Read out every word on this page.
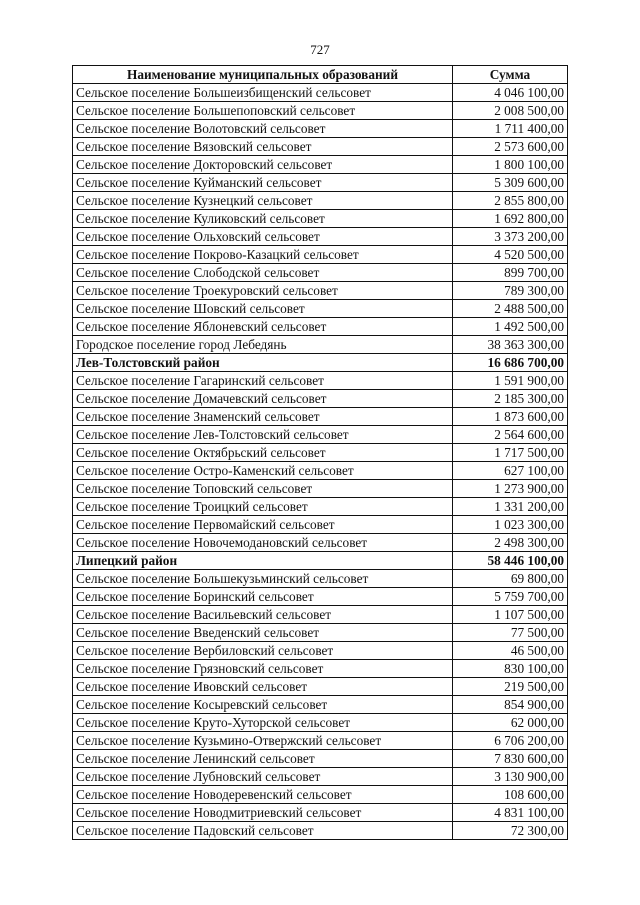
727
Наименование муниципальных образований	Сумма
Сельское поселение Большеизбищенский сельсовет	4 046 100,00
Сельское поселение Большепоповский сельсовет	2 008 500,00
Сельское поселение Волотовский сельсовет	1 711 400,00
Сельское поселение Вязовский сельсовет	2 573 600,00
Сельское поселение Докторовский сельсовет	1 800 100,00
Сельское поселение Куйманский сельсовет	5 309 600,00
Сельское поселение Кузнецкий сельсовет	2 855 800,00
Сельское поселение Куликовский сельсовет	1 692 800,00
Сельское поселение Ольховский сельсовет	3 373 200,00
Сельское поселение Покрово-Казацкий сельсовет	4 520 500,00
Сельское поселение Слободской сельсовет	899 700,00
Сельское поселение Троекуровский сельсовет	789 300,00
Сельское поселение Шовский сельсовет	2 488 500,00
Сельское поселение Яблоневский сельсовет	1 492 500,00
Городское поселение город Лебедянь	38 363 300,00
Лев-Толстовский район	16 686 700,00
Сельское поселение Гагаринский сельсовет	1 591 900,00
Сельское поселение Домачевский сельсовет	2 185 300,00
Сельское поселение Знаменский сельсовет	1 873 600,00
Сельское поселение Лев-Толстовский сельсовет	2 564 600,00
Сельское поселение Октябрьский сельсовет	1 717 500,00
Сельское поселение Остро-Каменский сельсовет	627 100,00
Сельское поселение Топовский сельсовет	1 273 900,00
Сельское поселение Троицкий сельсовет	1 331 200,00
Сельское поселение Первомайский сельсовет	1 023 300,00
Сельское поселение Новочемодановский сельсовет	2 498 300,00
Липецкий район	58 446 100,00
Сельское поселение Большекузьминский сельсовет	69 800,00
Сельское поселение Боринский сельсовет	5 759 700,00
Сельское поселение Васильевский сельсовет	1 107 500,00
Сельское поселение Введенский сельсовет	77 500,00
Сельское поселение Вербиловский сельсовет	46 500,00
Сельское поселение Грязновский сельсовет	830 100,00
Сельское поселение Ивовский сельсовет	219 500,00
Сельское поселение Косыревский сельсовет	854 900,00
Сельское поселение Круто-Хуторской сельсовет	62 000,00
Сельское поселение Кузьмино-Отвержский сельсовет	6 706 200,00
Сельское поселение Ленинский сельсовет	7 830 600,00
Сельское поселение Лубновский сельсовет	3 130 900,00
Сельское поселение Новодеревенский сельсовет	108 600,00
Сельское поселение Новодмитриевский сельсовет	4 831 100,00
Сельское поселение Падовский сельсовет	72 300,00
